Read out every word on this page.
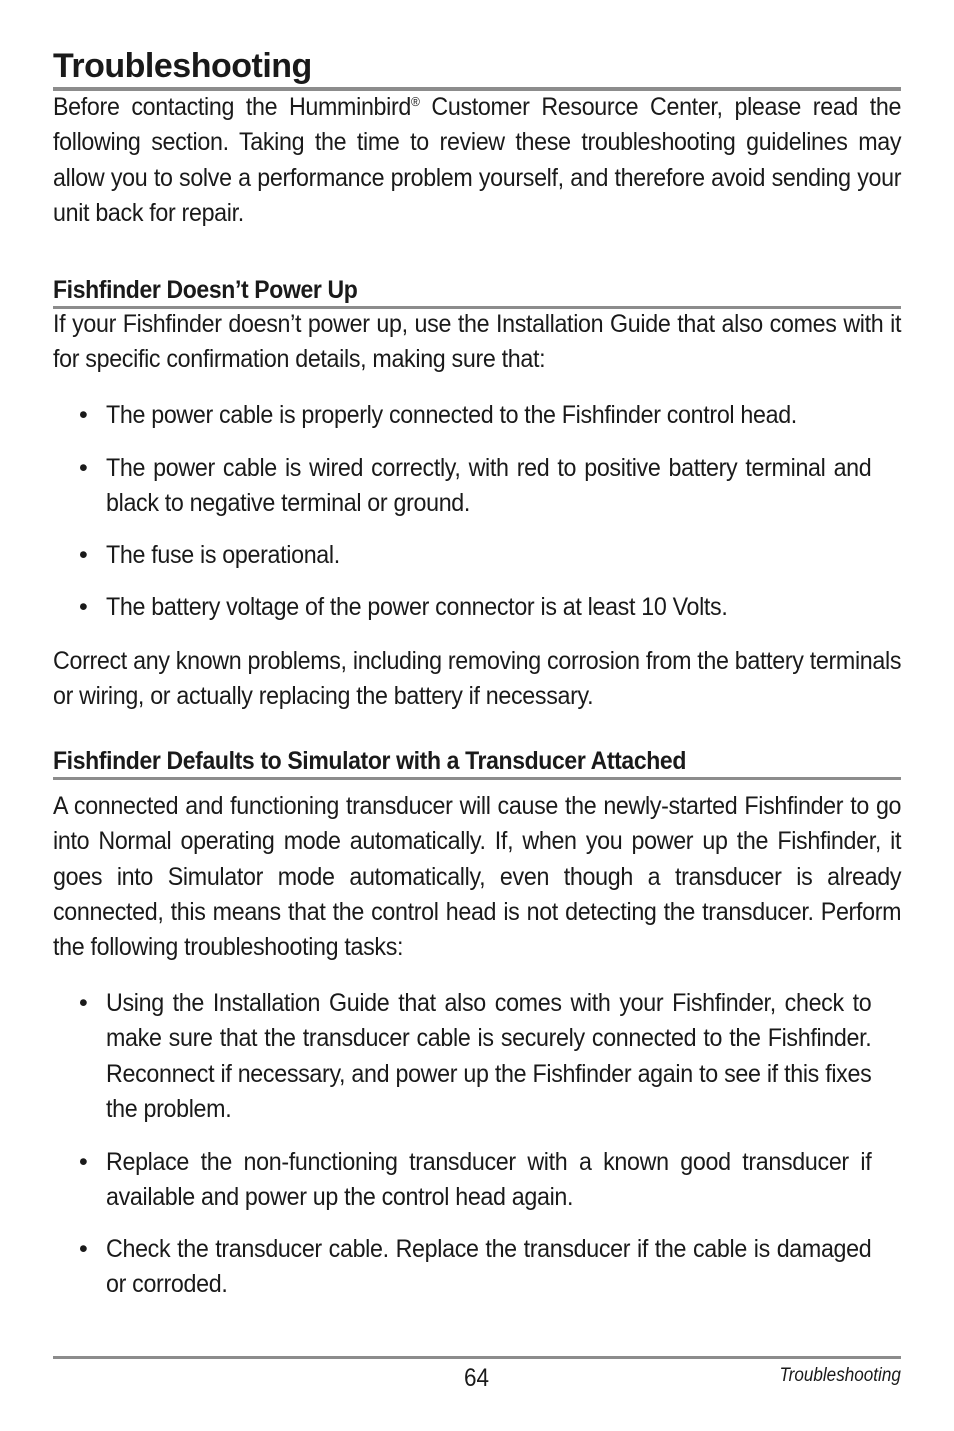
Troubleshooting

Before contacting the Humminbird® Customer Resource Center, please read the following section. Taking the time to review these troubleshooting guidelines may allow you to solve a performance problem yourself, and therefore avoid sending your unit back for repair.

Fishfinder Doesn’t Power Up

If your Fishfinder doesn’t power up, use the Installation Guide that also comes with it for specific confirmation details, making sure that:

• The power cable is properly connected to the Fishfinder control head.

• The power cable is wired correctly, with red to positive battery terminal and black to negative terminal or ground.

• The fuse is operational.

• The battery voltage of the power connector is at least 10 Volts.

Correct any known problems, including removing corrosion from the battery terminals or wiring, or actually replacing the battery if necessary.

Fishfinder Defaults to Simulator with a Transducer Attached

A connected and functioning transducer will cause the newly-started Fishfinder to go into Normal operating mode automatically. If, when you power up the Fishfinder, it goes into Simulator mode automatically, even though a transducer is already connected, this means that the control head is not detecting the transducer. Perform the following troubleshooting tasks:

• Using the Installation Guide that also comes with your Fishfinder, check to make sure that the transducer cable is securely connected to the Fishfinder. Reconnect if necessary, and power up the Fishfinder again to see if this fixes the problem.

• Replace the non-functioning transducer with a known good transducer if available and power up the control head again.

• Check the transducer cable. Replace the transducer if the cable is damaged or corroded.

64	Troubleshooting
